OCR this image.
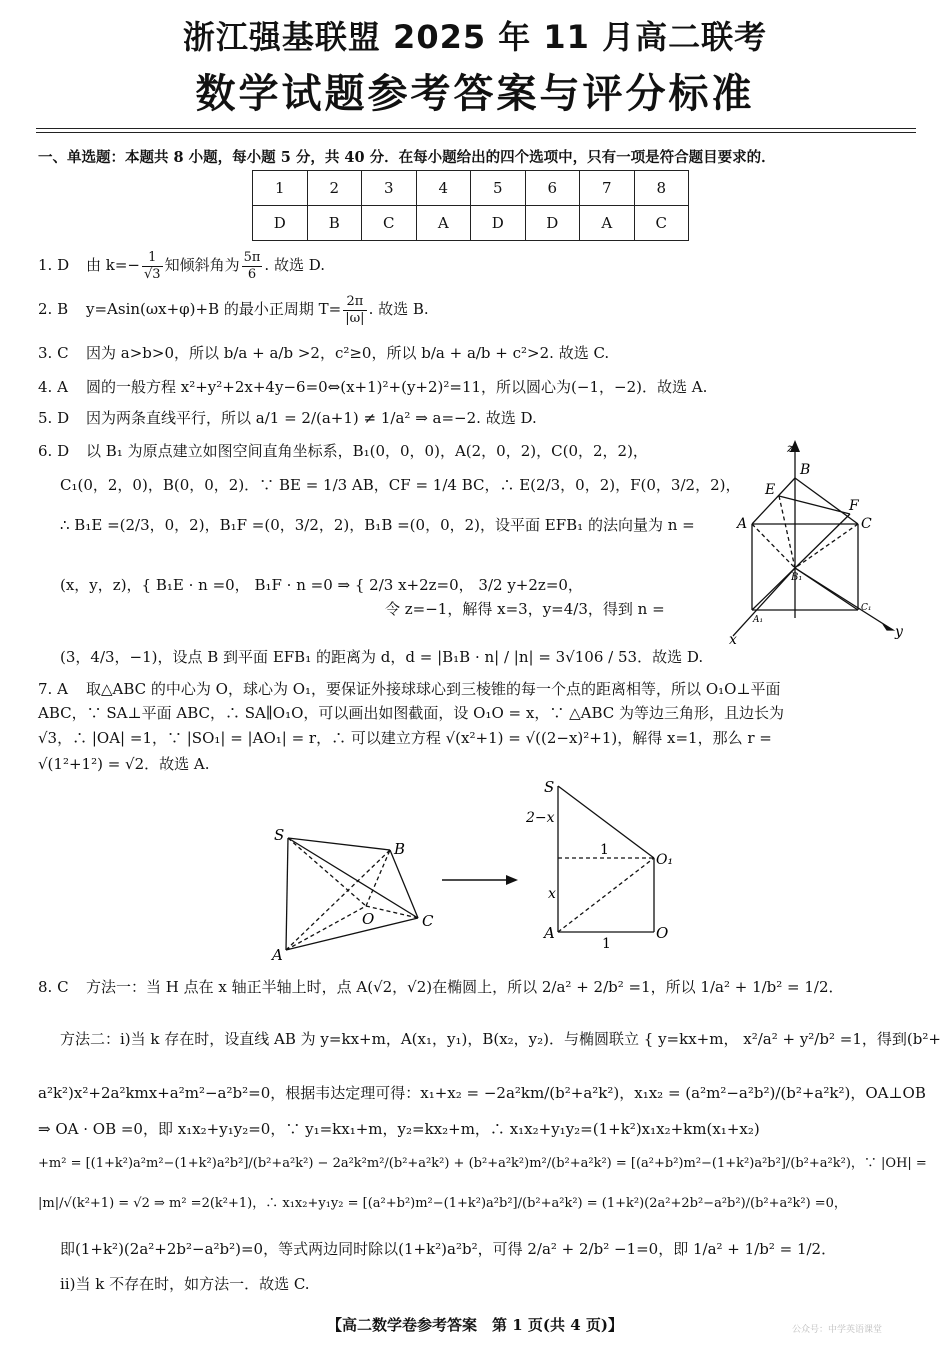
浙江强基联盟 2025 年 11 月高二联考
数学试题参考答案与评分标准
一、单选题：本题共 8 小题，每小题 5 分，共 40 分．在每小题给出的四个选项中，只有一项是符合题目要求的．
1	2	3	4	5	6	7	8
D	B	C	A	D	D	A	C
1. D 由 $k=- \frac{1}{√3}$ 知倾斜角为 $\frac{5\pi}{6}$ . 故选 D.
2. B y=Asin(ωx+φ)+B 的最小正周期 $T= \frac{2\pi}{|\omega|}$ . 故选 B.
3. C 因为 a>b>0，所以 b/a + a/b >2，c²≥0，所以 b/a + a/b + c²>2. 故选 C.
4. A 圆的一般方程 x²+y²+2x+4y−6=0⇔(x+1)²+(y+2)²=11，所以圆心为(−1，−2)．故选 A.
5. D 因为两条直线平行，所以 a/1 = 2/(a+1) ≠ 1/a² ⇒ a=−2. 故选 D.
6. D 以 B₁ 为原点建立如图空间直角坐标系，B₁(0，0，0)，A(2，0，2)，C(0，2，2)，
C₁(0，2，0)，B(0，0，2)．∵ BE = 1/3 AB，CF = 1/4 BC，∴ E(2/3，0，2)，F(0，3/2，2)，
∴ B₁E =(2/3，0，2)，B₁F =(0，3/2，2)，B₁B =(0，0，2)，设平面 EFB₁ 的法向量为 n =
(x，y，z)，{ B₁E · n =0， B₁F · n =0 ⇒ { 2/3 x+2z=0， 3/2 y+2z=0，
令 z=−1，解得 x=3，y=4/3，得到 n =
(3，4/3，−1)，设点 B 到平面 EFB₁ 的距离为 d，d = |B₁B · n| / |n| = 3√106 / 53．故选 D.
z
B
E
F
A	C
B₁
A₁
C₁
x	y
7. A 取△ABC 的中心为 O，球心为 O₁，要保证外接球球心到三棱锥的每一个点的距离相等，所以 O₁O⊥平面
ABC，∵ SA⊥平面 ABC，∴ SA∥O₁O，可以画出如图截面，设 O₁O = x，∵ △ABC 为等边三角形，且边长为
√3，∴ |OA| =1，∵ |SO₁| = |AO₁| = r，∴ 可以建立方程 √(x²+1) = √((2−x)²+1)，解得 x=1，那么 r =
√(1²+1²) = √2．故选 A.
S
B
O
A
C
S
2−x
1
O₁
x
A
1
O
8. C 方法一：当 H 点在 x 轴正半轴上时，点 A(√2，√2)在椭圆上，所以 2/a² + 2/b² =1，所以 1/a² + 1/b² = 1/2．
方法二：ⅰ)当 k 存在时，设直线 AB 为 y=kx+m，A(x₁，y₁)，B(x₂，y₂)．与椭圆联立 { y=kx+m， x²/a² + y²/b² =1，得到(b²+
a²k²)x²+2a²kmx+a²m²−a²b²=0，根据韦达定理可得：x₁+x₂ = −2a²km/(b²+a²k²)，x₁x₂ = (a²m²−a²b²)/(b²+a²k²)，OA⊥OB
⇒ OA · OB =0，即 x₁x₂+y₁y₂=0，∵ y₁=kx₁+m，y₂=kx₂+m，∴ x₁x₂+y₁y₂=(1+k²)x₁x₂+km(x₁+x₂)
+m² = [(1+k²)a²m²−(1+k²)a²b²]/(b²+a²k²) − 2a²k²m²/(b²+a²k²) + (b²+a²k²)m²/(b²+a²k²) = [(a²+b²)m²−(1+k²)a²b²]/(b²+a²k²)，∵ |OH| =
|m|/√(k²+1) = √2 ⇒ m² =2(k²+1)，∴ x₁x₂+y₁y₂ = [(a²+b²)m²−(1+k²)a²b²]/(b²+a²k²) = (1+k²)(2a²+2b²−a²b²)/(b²+a²k²) =0，
即(1+k²)(2a²+2b²−a²b²)=0，等式两边同时除以(1+k²)a²b²，可得 2/a² + 2/b² −1=0，即 1/a² + 1/b² = 1/2．
ⅱ)当 k 不存在时，如方法一．故选 C.
【高二数学卷参考答案　第 1 页(共 4 页)】	公众号：中学英语课堂
